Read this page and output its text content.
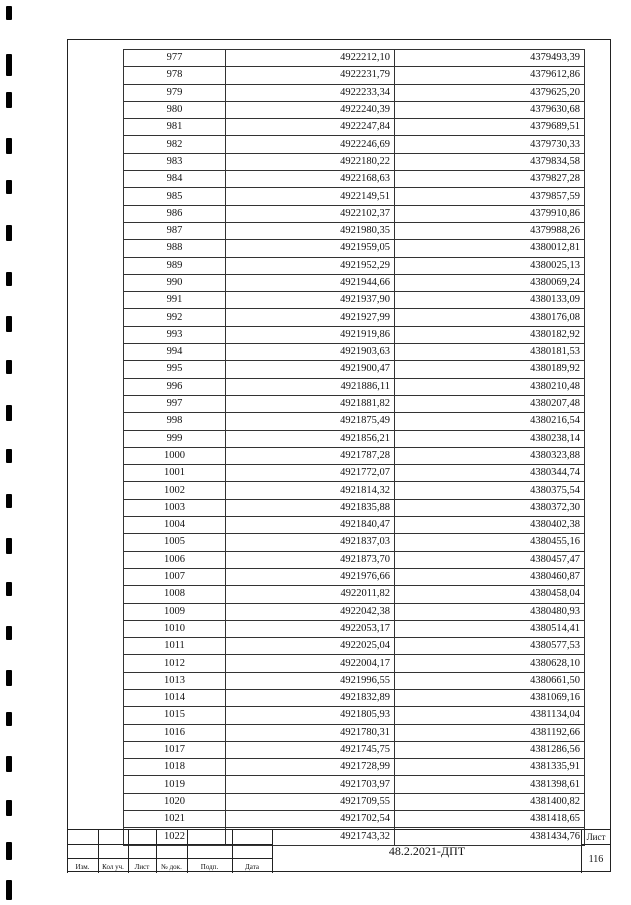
977	4922212,10	4379493,39
978	4922231,79	4379612,86
979	4922233,34	4379625,20
980	4922240,39	4379630,68
981	4922247,84	4379689,51
982	4922246,69	4379730,33
983	4922180,22	4379834,58
984	4922168,63	4379827,28
985	4922149,51	4379857,59
986	4922102,37	4379910,86
987	4921980,35	4379988,26
988	4921959,05	4380012,81
989	4921952,29	4380025,13
990	4921944,66	4380069,24
991	4921937,90	4380133,09
992	4921927,99	4380176,08
993	4921919,86	4380182,92
994	4921903,63	4380181,53
995	4921900,47	4380189,92
996	4921886,11	4380210,48
997	4921881,82	4380207,48
998	4921875,49	4380216,54
999	4921856,21	4380238,14
1000	4921787,28	4380323,88
1001	4921772,07	4380344,74
1002	4921814,32	4380375,54
1003	4921835,88	4380372,30
1004	4921840,47	4380402,38
1005	4921837,03	4380455,16
1006	4921873,70	4380457,47
1007	4921976,66	4380460,87
1008	4922011,82	4380458,04
1009	4922042,38	4380480,93
1010	4922053,17	4380514,41
1011	4922025,04	4380577,53
1012	4922004,17	4380628,10
1013	4921996,55	4380661,50
1014	4921832,89	4381069,16
1015	4921805,93	4381134,04
1016	4921780,31	4381192,66
1017	4921745,75	4381286,56
1018	4921728,99	4381335,91
1019	4921703,97	4381398,61
1020	4921709,55	4381400,82
1021	4921702,54	4381418,65
1022	4921743,32	4381434,76
Изм.	Кол уч.	Лист	№ док.	Подп.	Дата
48.2.2021-ДПТ
Лист
116
